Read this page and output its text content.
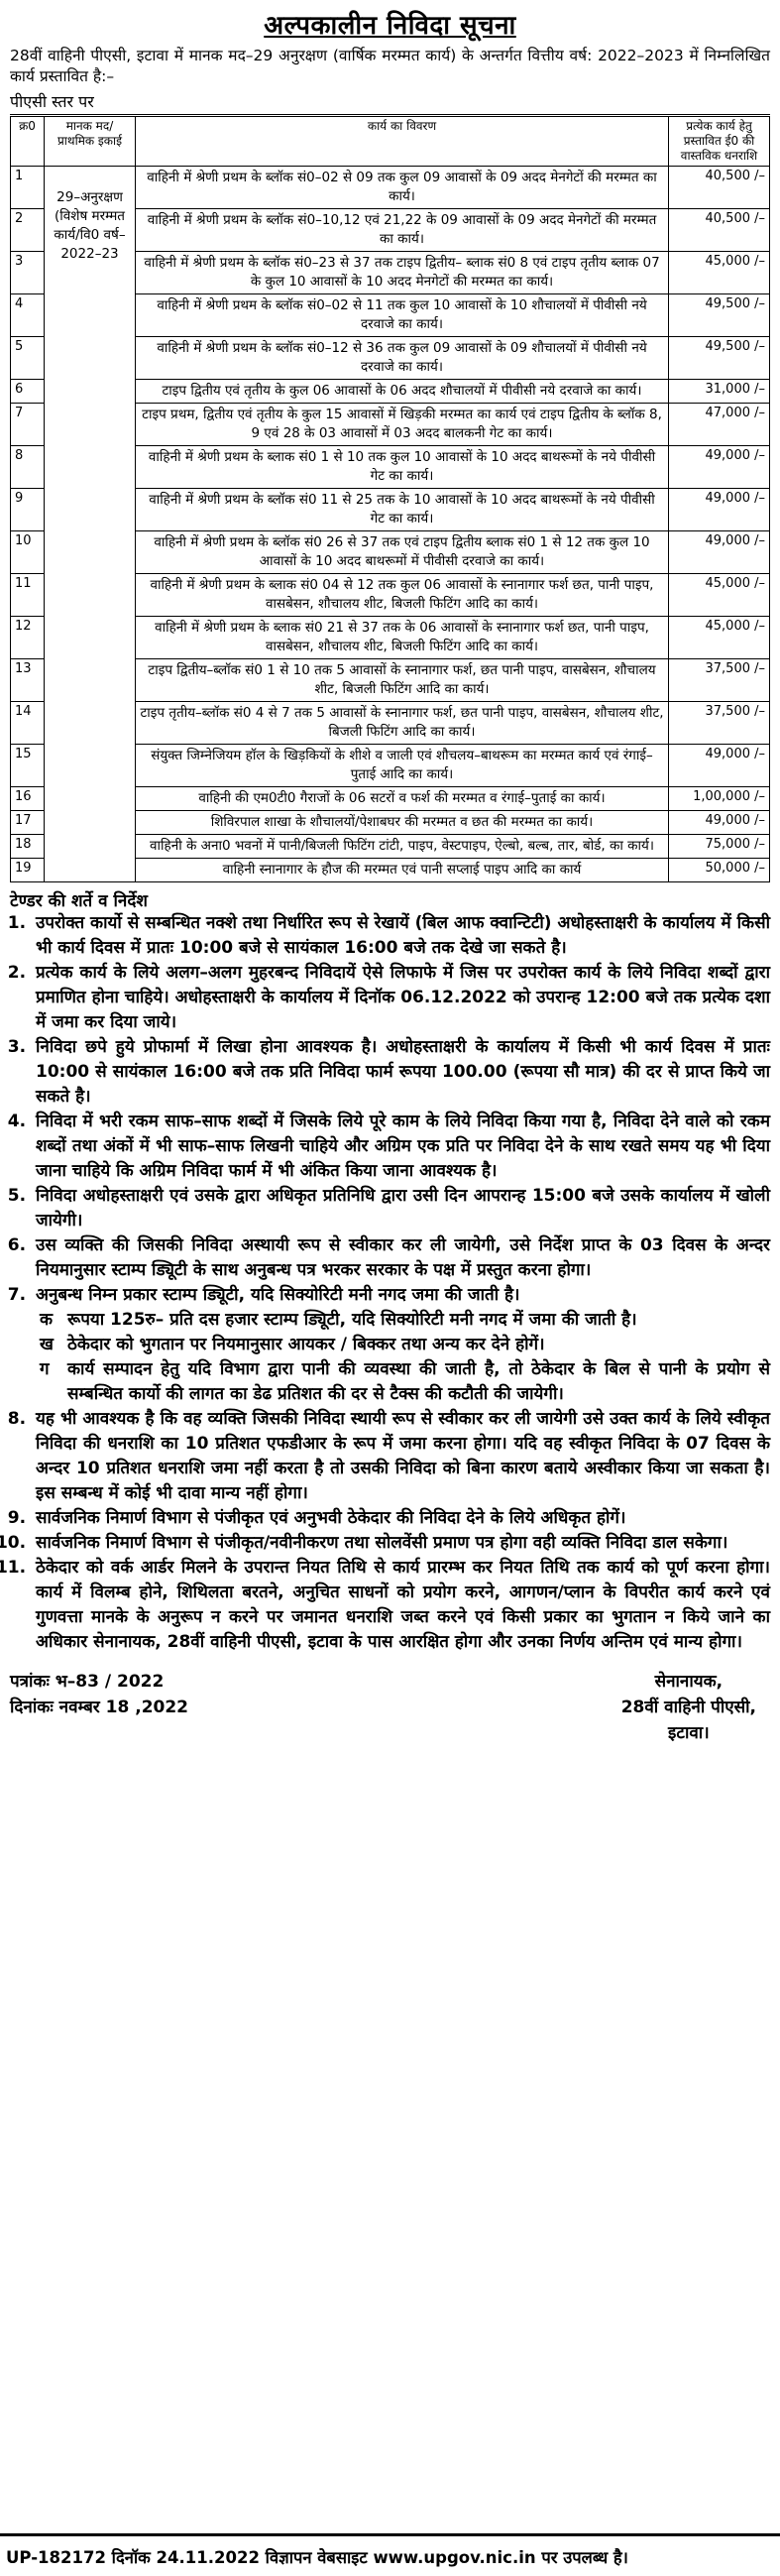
अल्पकालीन निविदा सूचना
28वीं वाहिनी पीएसी, इटावा में मानक मद–29 अनुरक्षण (वार्षिक मरम्मत कार्य) के अन्तर्गत वित्तीय वर्ष: 2022–2023 में निम्नलिखित कार्य प्रस्तावित है:–
पीएसी स्तर पर
क्र0	मानक मद/ प्राथमिक इकाई	कार्य का विवरण	प्रत्येक कार्य हेतु प्रस्तावित ई0 की वास्तविक धनराशि
1	29–अनुरक्षण (विशेष मरम्मत कार्य/वि0 वर्ष– 2022–23	वाहिनी में श्रेणी प्रथम के ब्लॉक सं0–02 से 09 तक कुल 09 आवासों के 09 अदद मेनगेटों की मरम्मत का कार्य।	40,500 /–
2		वाहिनी में श्रेणी प्रथम के ब्लॉक सं0–10,12 एवं 21,22 के 09 आवासों के 09 अदद मेनगेटों की मरम्मत का कार्य।	40,500 /–
3		वाहिनी में श्रेणी प्रथम के ब्लॉक सं0–23 से 37 तक टाइप द्वितीय– ब्लाक सं0 8 एवं टाइप तृतीय ब्लाक 07 के कुल 10 आवासों के 10 अदद मेनगेटों की मरम्मत का कार्य।	45,000 /–
4		वाहिनी में श्रेणी प्रथम के ब्लॉक सं0–02 से 11 तक कुल 10 आवासों के 10 शौचालयों में पीवीसी नये दरवाजे का कार्य।	49,500 /–
5		वाहिनी में श्रेणी प्रथम के ब्लॉक सं0–12 से 36 तक कुल 09 आवासों के 09 शौचालयों में पीवीसी नये दरवाजे का कार्य।	49,500 /–
6		टाइप द्वितीय एवं तृतीय के कुल 06 आवासों के 06 अदद शौचालयों में पीवीसी नये दरवाजे का कार्य।	31,000 /–
7		टाइप प्रथम, द्वितीय एवं तृतीय के कुल 15 आवासों में खिड़की मरम्मत का कार्य एवं टाइप द्वितीय के ब्लॉक 8, 9 एवं 28 के 03 आवासों में 03 अदद बालकनी गेट का कार्य।	47,000 /–
8		वाहिनी में श्रेणी प्रथम के ब्लाक सं0 1 से 10 तक कुल 10 आवासों के 10 अदद बाथरूमों के नये पीवीसी गेट का कार्य।	49,000 /–
9		वाहिनी में श्रेणी प्रथम के ब्लॉक सं0 11 से 25 तक के 10 आवासों के 10 अदद बाथरूमों के नये पीवीसी गेट का कार्य।	49,000 /–
10		वाहिनी में श्रेणी प्रथम के ब्लॉक सं0 26 से 37 तक एवं टाइप द्वितीय ब्लाक सं0 1 से 12 तक कुल 10 आवासों के 10 अदद बाथरूमों में पीवीसी दरवाजे का कार्य।	49,000 /–
11		वाहिनी में श्रेणी प्रथम के ब्लाक सं0 04 से 12 तक कुल 06 आवासों के स्नानागार फर्श छत, पानी पाइप, वासबेसन, शौचालय शीट, बिजली फिटिंग आदि का कार्य।	45,000 /–
12		वाहिनी में श्रेणी प्रथम के ब्लाक सं0 21 से 37 तक के 06 आवासों के स्नानागार फर्श छत, पानी पाइप, वासबेसन, शौचालय शीट, बिजली फिटिंग आदि का कार्य।	45,000 /–
13		टाइप द्वितीय–ब्लॉक सं0 1 से 10 तक 5 आवासों के स्नानागार फर्श, छत पानी पाइप, वासबेसन, शौचालय शीट, बिजली फिटिंग आदि का कार्य।	37,500 /–
14		टाइप तृतीय–ब्लॉक सं0 4 से 7 तक 5 आवासों के स्नानागार फर्श, छत पानी पाइप, वासबेसन, शौचालय शीट, बिजली फिटिंग आदि का कार्य।	37,500 /–
15		संयुक्त जिम्नेजियम हॉल के खिड़कियों के शीशे व जाली एवं शौचलय–बाथरूम का मरम्मत कार्य एवं रंगाई–पुताई आदि का कार्य।	49,000 /–
16		वाहिनी की एम0टी0 गैराजों के 06 सटरों व फर्श की मरम्मत व रंगाई–पुताई का कार्य।	1,00,000 /–
17		शिविरपाल शाखा के शौचालयों/पेशाबघर की मरम्मत व छत की मरम्मत का कार्य।	49,000 /–
18		वाहिनी के अना0 भवनों में पानी/बिजली फिटिंग टांटी, पाइप, वेस्टपाइप, ऐल्बो, बल्ब, तार, बोर्ड, का कार्य।	75,000 /–
19		वाहिनी स्नानागार के हौज की मरम्मत एवं पानी सप्लाई पाइप आदि का कार्य	50,000 /–
टेण्डर की शर्ते व निर्देश
1. उपरोक्त कार्यो से सम्बन्धित नक्शे तथा निर्धारित रूप से रेखायें (बिल आफ क्वान्टिटी) अधोहस्ताक्षरी के कार्यालय में किसी भी कार्य दिवस में प्रातः 10:00 बजे से सायंकाल 16:00 बजे तक देखे जा सकते है।
2. प्रत्येक कार्य के लिये अलग–अलग मुहरबन्द निविदायें ऐसे लिफाफे में जिस पर उपरोक्त कार्य के लिये निविदा शब्दों द्वारा प्रमाणित होना चाहिये। अधोहस्ताक्षरी के कार्यालय में दिनॉक 06.12.2022 को उपरान्ह 12:00 बजे तक प्रत्येक दशा में जमा कर दिया जाये।
3. निविदा छपे हुये प्रोफार्मा में लिखा होना आवश्यक है। अधोहस्ताक्षरी के कार्यालय में किसी भी कार्य दिवस में प्रातः 10:00 से सायंकाल 16:00 बजे तक प्रति निविदा फार्म रूपया 100.00 (रूपया सौ मात्र) की दर से प्राप्त किये जा सकते है।
4. निविदा में भरी रकम साफ–साफ शब्दों में जिसके लिये पूरे काम के लिये निविदा किया गया है, निविदा देने वाले को रकम शब्दों तथा अंकों में भी साफ–साफ लिखनी चाहिये और अग्रिम एक प्रति पर निविदा देने के साथ रखते समय यह भी दिया जाना चाहिये कि अग्रिम निविदा फार्म में भी अंकित किया जाना आवश्यक है।
5. निविदा अधोहस्ताक्षरी एवं उसके द्वारा अधिकृत प्रतिनिधि द्वारा उसी दिन आपरान्ह 15:00 बजे उसके कार्यालय में खोली जायेगी।
6. उस व्यक्ति की जिसकी निविदा अस्थायी रूप से स्वीकार कर ली जायेगी, उसे निर्देश प्राप्त के 03 दिवस के अन्दर नियमानुसार स्टाम्प ड्यिूटी के साथ अनुबन्ध पत्र भरकर सरकार के पक्ष में प्रस्तुत करना होगा।
7. अनुबन्ध निम्न प्रकार स्टाम्प ड्यिूटी, यदि सिक्योरिटी मनी नगद जमा की जाती है।
क रूपया 125रु– प्रति दस हजार स्टाम्प ड्यिूटी, यदि सिक्योरिटी मनी नगद में जमा की जाती है।
ख ठेकेदार को भुगतान पर नियमानुसार आयकर / बिक्कर तथा अन्य कर देने होगें।
ग	कार्य सम्पादन हेतु यदि विभाग द्वारा पानी की व्यवस्था की जाती है, तो ठेकेदार के बिल से पानी के प्रयोग से सम्बन्धित कार्यो की लागत का डेढ प्रतिशत की दर से टैक्स की कटौती की जायेगी।
8. यह भी आवश्यक है कि वह व्यक्ति जिसकी निविदा स्थायी रूप से स्वीकार कर ली जायेगी उसे उक्त कार्य के लिये स्वीकृत निविदा की धनराशि का 10 प्रतिशत एफडीआर के रूप में जमा करना होगा। यदि वह स्वीकृत निविदा के 07 दिवस के अन्दर 10 प्रतिशत धनराशि जमा नहीं करता है तो उसकी निविदा को बिना कारण बताये अस्वीकार किया जा सकता है। इस सम्बन्ध में कोई भी दावा मान्य नहीं होगा।
9. सार्वजनिक निमार्ण विभाग से पंजीकृत एवं अनुभवी ठेकेदार की निविदा देने के लिये अधिकृत होगें।
10. सार्वजनिक निमार्ण विभाग से पंजीकृत/नवीनीकरण तथा सोलवेंसी प्रमाण पत्र होगा वही व्यक्ति निविदा डाल सकेगा।
11. ठेकेदार को वर्क आर्डर मिलने के उपरान्त नियत तिथि से कार्य प्रारम्भ कर नियत तिथि तक कार्य को पूर्ण करना होगा। कार्य में विलम्ब होने, शिथिलता बरतने, अनुचित साधनों को प्रयोग करने, आगणन/प्लान के विपरीत कार्य करने एवं गुणवत्ता मानके के अनुरूप न करने पर जमानत धनराशि जब्त करने एवं किसी प्रकार का भुगतान न किये जाने का अधिकार सेनानायक, 28वीं वाहिनी पीएसी, इटावा के पास आरक्षित होगा और उनका निर्णय अन्तिम एवं मान्य होगा।
पत्रांकः भ–83 / 2022
दिनांकः नवम्बर 18 ,2022
सेनानायक,
28वीं वाहिनी पीएसी,
इटावा।
UP-182172 दिनॉक 24.11.2022 विज्ञापन वेबसाइट www.upgov.nic.in पर उपलब्ध है।
